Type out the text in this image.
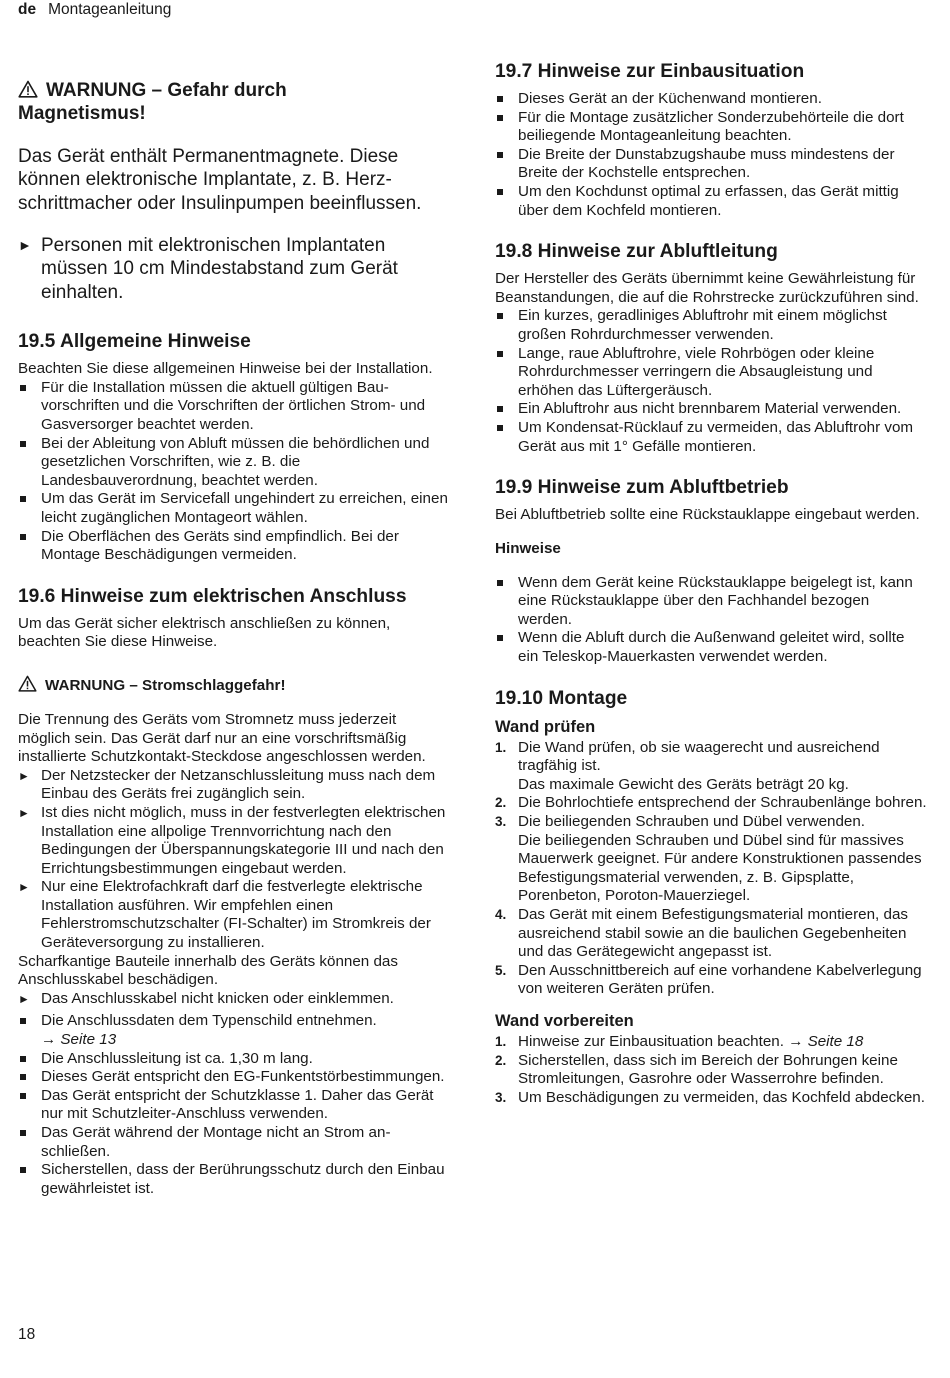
de Montageanleitung

WARNUNG – Gefahr durch Magnetismus!

Das Gerät enthält Permanentmagnete. Diese können elektronische Implantate, z. B. Herzschrittmacher oder Insulinpumpen beeinflussen.

► Personen mit elektronischen Implantaten müssen 10 cm Mindestabstand zum Gerät einhalten.

19.5 Allgemeine Hinweise

Beachten Sie diese allgemeinen Hinweise bei der Installation.

Für die Installation müssen die aktuell gültigen Bauvorschriften und die Vorschriften der örtlichen Strom- und Gasversorger beachtet werden.
Bei der Ableitung von Abluft müssen die behördlichen und gesetzlichen Vorschriften, wie z. B. die Landesbauverordnung, beachtet werden.
Um das Gerät im Servicefall ungehindert zu erreichen, einen leicht zugänglichen Montageort wählen.
Die Oberflächen des Geräts sind empfindlich. Bei der Montage Beschädigungen vermeiden.

19.6 Hinweise zum elektrischen Anschluss

Um das Gerät sicher elektrisch anschließen zu können, beachten Sie diese Hinweise.

WARNUNG – Stromschlaggefahr!

Die Trennung des Geräts vom Stromnetz muss jederzeit möglich sein. Das Gerät darf nur an eine vorschriftsmäßig installierte Schutzkontakt-Steckdose angeschlossen werden.

► Der Netzstecker der Netzanschlussleitung muss nach dem Einbau des Geräts frei zugänglich sein.
► Ist dies nicht möglich, muss in der festverlegten elektrischen Installation eine allpolige Trennvorrichtung nach den Bedingungen der Überspannungskategorie III und nach den Errichtungsbestimmungen eingebaut werden.
► Nur eine Elektrofachkraft darf die festverlegte elektrische Installation ausführen. Wir empfehlen einen Fehlerstromschutzschalter (FI-Schalter) im Stromkreis der Geräteversorgung zu installieren.

Scharfkantige Bauteile innerhalb des Geräts können das Anschlusskabel beschädigen.

► Das Anschlusskabel nicht knicken oder einklemmen.
Die Anschlussdaten dem Typenschild entnehmen.
→ Seite 13
Die Anschlussleitung ist ca. 1,30 m lang.
Dieses Gerät entspricht den EG-Funkentstörbestimmungen.
Das Gerät entspricht der Schutzklasse 1. Daher das Gerät nur mit Schutzleiter-Anschluss verwenden.
Das Gerät während der Montage nicht an Strom anschließen.
Sicherstellen, dass der Berührungsschutz durch den Einbau gewährleistet ist.

19.7 Hinweise zur Einbausituation

Dieses Gerät an der Küchenwand montieren.
Für die Montage zusätzlicher Sonderzubehörteile die dort beiliegende Montageanleitung beachten.
Die Breite der Dunstabzugshaube muss mindestens der Breite der Kochstelle entsprechen.
Um den Kochdunst optimal zu erfassen, das Gerät mittig über dem Kochfeld montieren.

19.8 Hinweise zur Abluftleitung

Der Hersteller des Geräts übernimmt keine Gewährleistung für Beanstandungen, die auf die Rohrstrecke zurückzuführen sind.

Ein kurzes, geradliniges Abluftrohr mit einem möglichst großen Rohrdurchmesser verwenden.
Lange, raue Abluftrohre, viele Rohrbögen oder kleine Rohrdurchmesser verringern die Absaugleistung und erhöhen das Lüftergeräusch.
Ein Abluftrohr aus nicht brennbarem Material verwenden.
Um Kondensat-Rücklauf zu vermeiden, das Abluftrohr vom Gerät aus mit 1° Gefälle montieren.

19.9 Hinweise zum Abluftbetrieb

Bei Abluftbetrieb sollte eine Rückstauklappe eingebaut werden.

Hinweise

Wenn dem Gerät keine Rückstauklappe beigelegt ist, kann eine Rückstauklappe über den Fachhandel bezogen werden.
Wenn die Abluft durch die Außenwand geleitet wird, sollte ein Teleskop-Mauerkasten verwendet werden.

19.10 Montage

Wand prüfen

1. Die Wand prüfen, ob sie waagerecht und ausreichend tragfähig ist.
Das maximale Gewicht des Geräts beträgt 20 kg.
2. Die Bohrlochtiefe entsprechend der Schraubenlänge bohren.
3. Die beiliegenden Schrauben und Dübel verwenden.
Die beiliegenden Schrauben und Dübel sind für massives Mauerwerk geeignet. Für andere Konstruktionen passendes Befestigungsmaterial verwenden, z. B. Gipsplatte, Porenbeton, Poroton-Mauerziegel.
4. Das Gerät mit einem Befestigungsmaterial montieren, das ausreichend stabil sowie an die baulichen Gegebenheiten und das Gerätegewicht angepasst ist.
5. Den Ausschnittbereich auf eine vorhandene Kabelverlegung von weiteren Geräten prüfen.

Wand vorbereiten

1. Hinweise zur Einbausituation beachten. → Seite 18
2. Sicherstellen, dass sich im Bereich der Bohrungen keine Stromleitungen, Gasrohre oder Wasserrohre befinden.
3. Um Beschädigungen zu vermeiden, das Kochfeld abdecken.
18
